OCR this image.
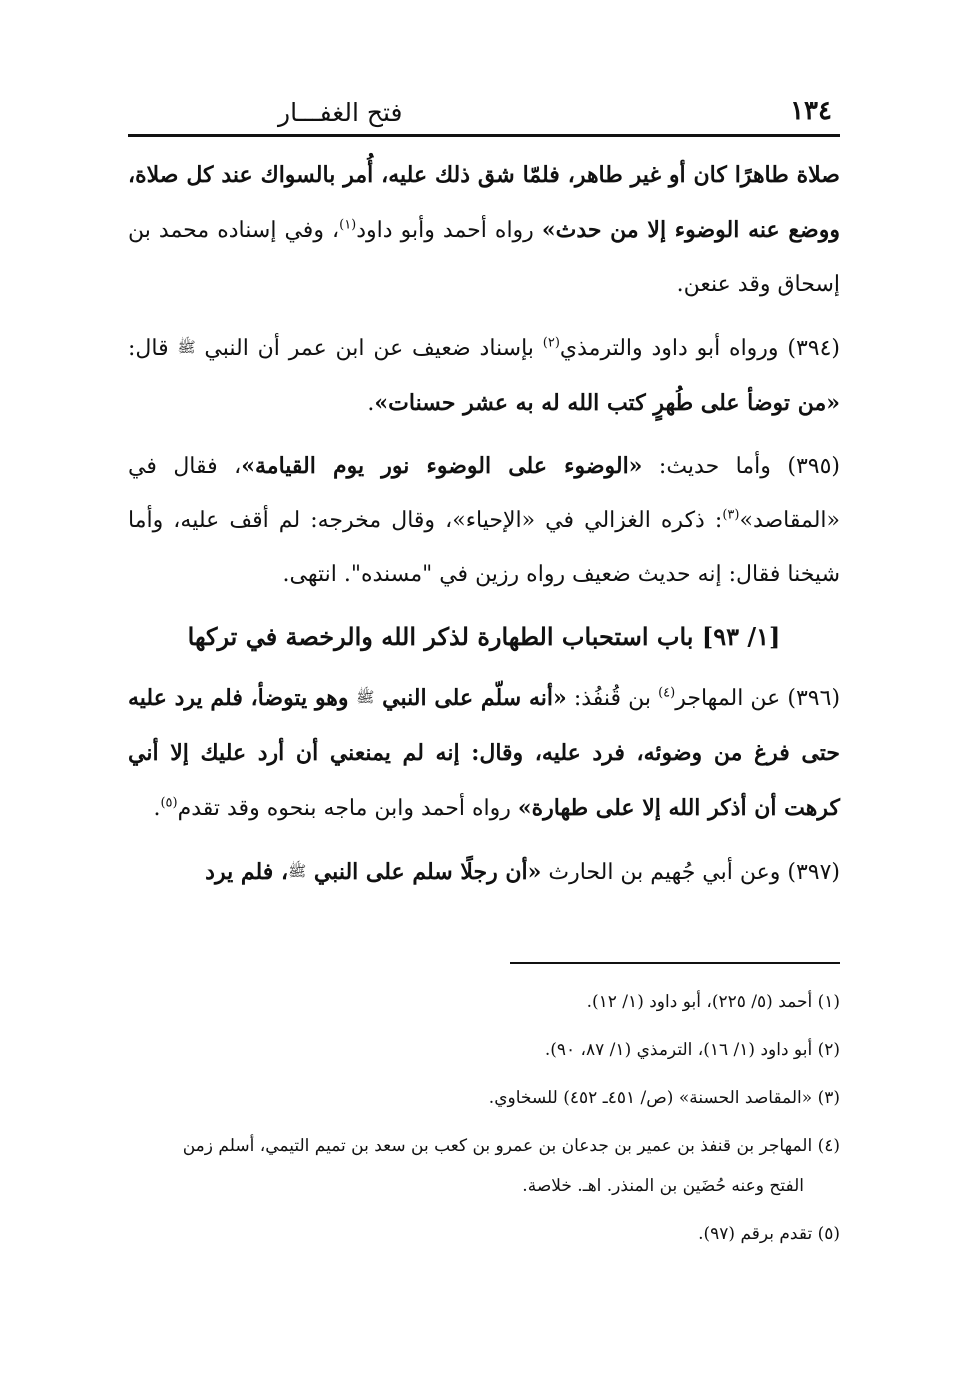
١٣٤
فتح الغفـــار

صلاة طاهرًا كان أو غير طاهر، فلمّا شق ذلك عليه، أُمر بالسواك عند كل صلاة، ووضع عنه الوضوء إلا من حدث» رواه أحمد وأبو داود$^{(١)}$، وفي إسناده محمد بن إسحاق وقد عنعن.

(٣٩٤) ورواه أبو داود والترمذي$^{(٢)}$ بإسناد ضعيف عن ابن عمر أن النبي ﷺ قال: «من توضأ على طُهرٍ كتب الله له به عشر حسنات».

(٣٩٥) وأما حديث: «الوضوء على الوضوء نور يوم القيامة»، فقال في «المقاصد»$^{(٣)}$: ذكره الغزالي في «الإحياء»، وقال مخرجه: لم أقف عليه، وأما شيخنا فقال: إنه حديث ضعيف رواه رزين في "مسنده". انتهى.

[١/ ٩٣] باب استحباب الطهارة لذكر الله والرخصة في تركها

(٣٩٦) عن المهاجر$^{(٤)}$ بن قُنفُذ: «أنه سلّم على النبي ﷺ وهو يتوضأ، فلم يرد عليه حتى فرغ من وضوئه، فرد عليه، وقال: إنه لم يمنعني أن أرد عليك إلا أني كرهت أن أذكر الله إلا على طهارة» رواه أحمد وابن ماجه بنحوه وقد تقدم$^{(٥)}$.

(٣٩٧) وعن أبي جُهيم بن الحارث «أن رجلًا سلم على النبي ﷺ، فلم يرد

(١) أحمد (٥/ ٢٢٥)، أبو داود (١/ ١٢).

(٢) أبو داود (١/ ١٦)، الترمذي (١/ ٨٧، ٩٠).

(٣) «المقاصد الحسنة» (ص/ ٤٥١ـ ٤٥٢) للسخاوي.

(٤) المهاجر بن قنفذ بن عمير بن جدعان بن عمرو بن كعب بن سعد بن تميم التيمي، أسلم زمن
الفتح وعنه حُضَين بن المنذر. اهـ. خلاصة.

(٥) تقدم برقم (٩٧).
